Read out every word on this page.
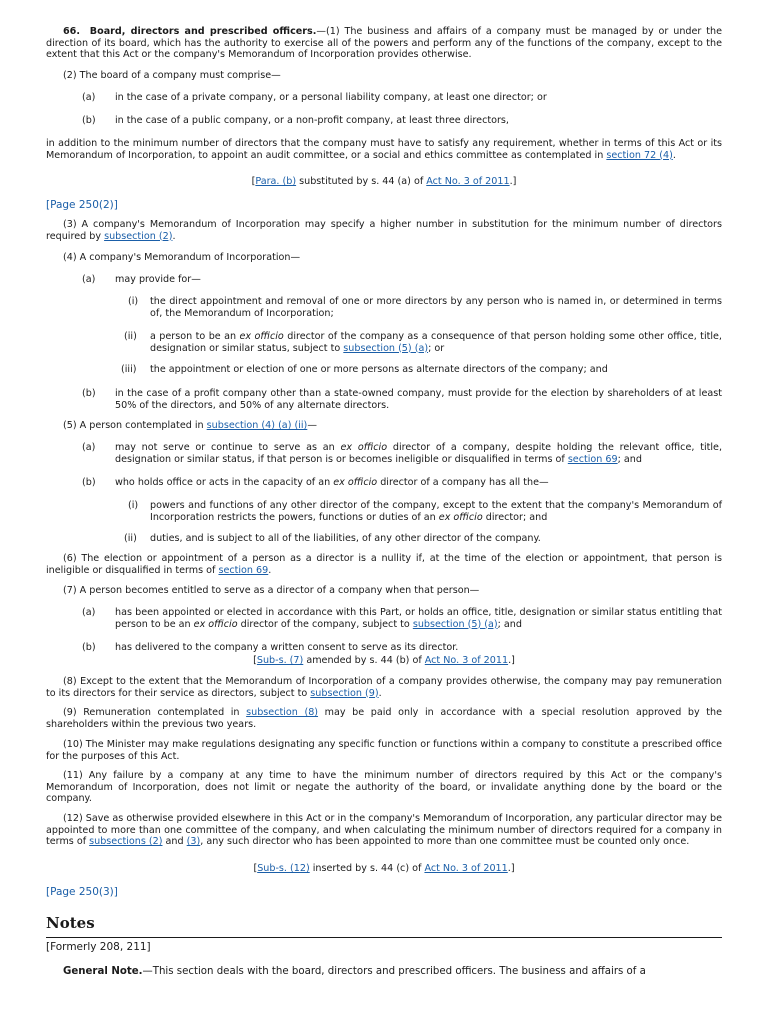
66. Board, directors and prescribed officers.—(1) The business and affairs of a company must be managed by or under the direction of its board, which has the authority to exercise all of the powers and perform any of the functions of the company, except to the extent that this Act or the company's Memorandum of Incorporation provides otherwise.
(2) The board of a company must comprise—
(a) in the case of a private company, or a personal liability company, at least one director; or
(b) in the case of a public company, or a non-profit company, at least three directors,
in addition to the minimum number of directors that the company must have to satisfy any requirement, whether in terms of this Act or its Memorandum of Incorporation, to appoint an audit committee, or a social and ethics committee as contemplated in section 72 (4).
[Para. (b) substituted by s. 44 (a) of Act No. 3 of 2011.]
[Page 250(2)]
(3) A company's Memorandum of Incorporation may specify a higher number in substitution for the minimum number of directors required by subsection (2).
(4) A company's Memorandum of Incorporation—
(a) may provide for—
(i) the direct appointment and removal of one or more directors by any person who is named in, or determined in terms of, the Memorandum of Incorporation;
(ii) a person to be an ex officio director of the company as a consequence of that person holding some other office, title, designation or similar status, subject to subsection (5) (a); or
(iii) the appointment or election of one or more persons as alternate directors of the company; and
(b) in the case of a profit company other than a state-owned company, must provide for the election by shareholders of at least 50% of the directors, and 50% of any alternate directors.
(5) A person contemplated in subsection (4) (a) (ii)—
(a) may not serve or continue to serve as an ex officio director of a company, despite holding the relevant office, title, designation or similar status, if that person is or becomes ineligible or disqualified in terms of section 69; and
(b) who holds office or acts in the capacity of an ex officio director of a company has all the—
(i) powers and functions of any other director of the company, except to the extent that the company's Memorandum of Incorporation restricts the powers, functions or duties of an ex officio director; and
(ii) duties, and is subject to all of the liabilities, of any other director of the company.
(6) The election or appointment of a person as a director is a nullity if, at the time of the election or appointment, that person is ineligible or disqualified in terms of section 69.
(7) A person becomes entitled to serve as a director of a company when that person—
(a) has been appointed or elected in accordance with this Part, or holds an office, title, designation or similar status entitling that person to be an ex officio director of the company, subject to subsection (5) (a); and
(b) has delivered to the company a written consent to serve as its director.
[Sub-s. (7) amended by s. 44 (b) of Act No. 3 of 2011.]
(8) Except to the extent that the Memorandum of Incorporation of a company provides otherwise, the company may pay remuneration to its directors for their service as directors, subject to subsection (9).
(9) Remuneration contemplated in subsection (8) may be paid only in accordance with a special resolution approved by the shareholders within the previous two years.
(10) The Minister may make regulations designating any specific function or functions within a company to constitute a prescribed office for the purposes of this Act.
(11) Any failure by a company at any time to have the minimum number of directors required by this Act or the company's Memorandum of Incorporation, does not limit or negate the authority of the board, or invalidate anything done by the board or the company.
(12) Save as otherwise provided elsewhere in this Act or in the company's Memorandum of Incorporation, any particular director may be appointed to more than one committee of the company, and when calculating the minimum number of directors required for a company in terms of subsections (2) and (3), any such director who has been appointed to more than one committee must be counted only once.
[Sub-s. (12) inserted by s. 44 (c) of Act No. 3 of 2011.]
[Page 250(3)]
Notes
[Formerly 208, 211]
General Note.—This section deals with the board, directors and prescribed officers. The business and affairs of a
